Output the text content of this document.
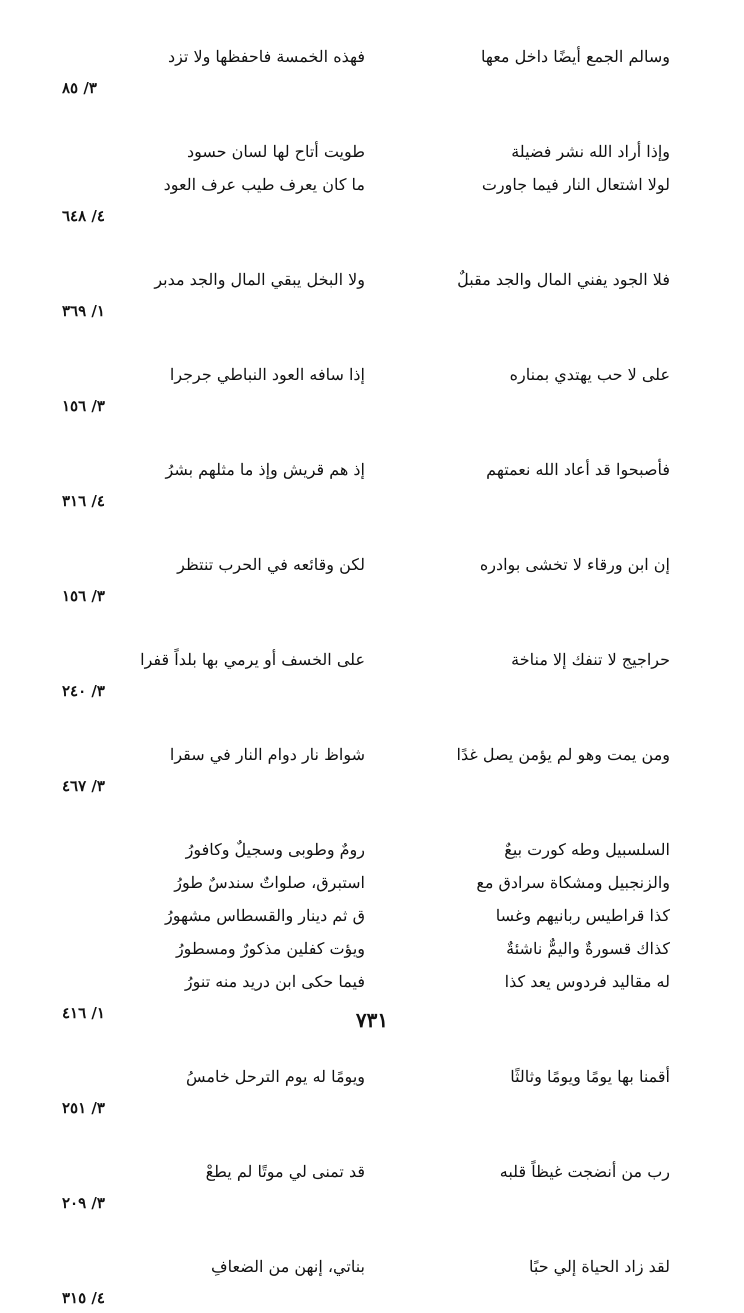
وسالم الجمع أيضًا داخل معها
فهذه الخمسة فاحفظها ولا تزد
٣/ ٨٥
وإذا أراد الله نشر فضيلة
طويت أتاح لها لسان حسود
لولا اشتعال النار فيما جاورت
ما كان يعرف طيب عرف العود
٤/ ٦٤٨
فلا الجود يفني المال والجد مقبلٌ
ولا البخل يبقي المال والجد مدبر
١/ ٣٦٩
على لا حب يهتدي بمناره
إذا سافه العود النباطي جرجرا
٣/ ١٥٦
فأصبحوا قد أعاد الله نعمتهم
إذ هم قريش وإذ ما مثلهم بشرُ
٤/ ٣١٦
إن ابن ورقاء لا تخشى بوادره
لكن وقائعه في الحرب تنتظر
٣/ ١٥٦
حراجيج لا تنفك إلا مناخة
على الخسف أو يرمي بها بلداً قفرا
٣/ ٢٤٠
ومن يمت وهو لم يؤمن يصل غدًا
شواظ نار دوام النار في سقرا
٣/ ٤٦٧
السلسبيل وطه كورت بيعٌ
رومٌ وطوبى وسجيلٌ وكافورُ
والزنجبيل ومشكاة سرادق مع
استبرق، صلواتٌ سندسٌ طورُ
كذا قراطيس ربانيهم وغسا
ق ثم دينار والقسطاس مشهورُ
كذاك قسورةٌ واليمٌّ ناشئةٌ
ويؤت كفلين مذكورٌ ومسطورُ
له مقاليد فردوس يعد كذا
فيما حكى ابن دريد منه تنورُ
١/ ٤١٦
أقمنا بها يومًا ويومًا وثالثًا
ويومًا له يوم الترحل خامسُ
٣/ ٢٥١
رب من أنضجت غيظاً قلبه
قد تمنى لي موتًا لم يطعْ
٣/ ٢٠٩
لقد زاد الحياة إلي حبًا
بناتي، إنهن من الضعافِ
٤/ ٣١٥
٧٣١
